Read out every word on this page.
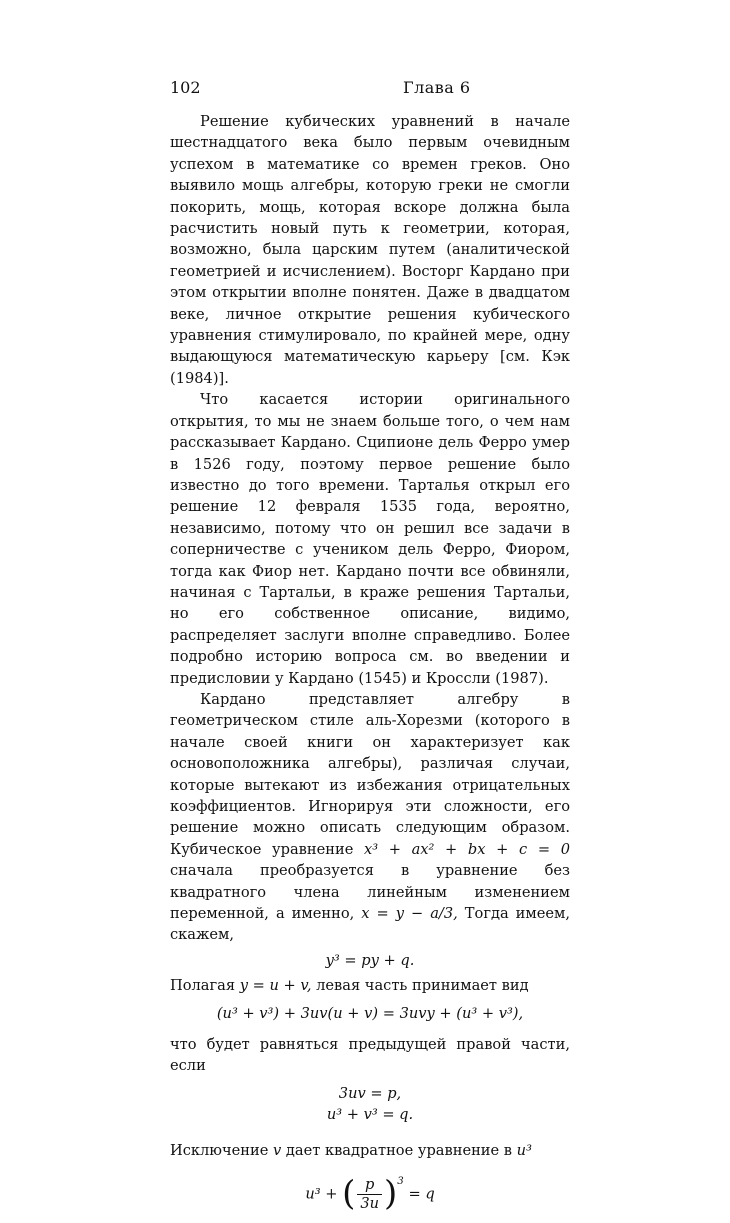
102	Глава 6

Решение кубических уравнений в начале шестнадцатого века было первым очевидным успехом в математике со времен греков. Оно выявило мощь алгебры, которую греки не смогли покорить, мощь, которая вскоре должна была расчистить новый путь к геометрии, которая, возможно, была царским путем (аналитической геометрией и исчислением). Восторг Кардано при этом открытии вполне понятен. Даже в двадцатом веке, личное открытие решения кубического уравнения стимулировало, по крайней мере, одну выдающуюся математическую карьеру [см. Кэк (1984)].

Что касается истории оригинального открытия, то мы не знаем больше того, о чем нам рассказывает Кардано. Сципионе дель Ферро умер в 1526 году, поэтому первое решение было известно до того времени. Тарталья открыл его решение 12 февраля 1535 года, вероятно, независимо, потому что он решил все задачи в соперничестве с учеником дель Ферро, Фиором, тогда как Фиор нет. Кардано почти все обвиняли, начиная с Тартальи, в краже решения Тартальи, но его собственное описание, видимо, распределяет заслуги вполне справедливо. Более подробно историю вопроса см. во введении и предисловии у Кардано (1545) и Кросcли (1987).

Кардано представляет алгебру в геометрическом стиле аль-Хорезми (которого в начале своей книги он характеризует как основоположника алгебры), различая случаи, которые вытекают из избежания отрицательных коэффициентов. Игнорируя эти сложности, его решение можно описать следующим образом. Кубическое уравнение x³ + ax² + bx + c = 0 сначала преобразуется в уравнение без квадратного члена линейным изменением переменной, а именно, x = y − a/3, Тогда имеем, скажем,

y³ = py + q.

Полагая y = u + v, левая часть принимает вид

(u³ + v³) + 3uv(u + v) = 3uvy + (u³ + v³),

что будет равняться предыдущей правой части, если

3uv = p,
u³ + v³ = q.

Исключение v дает квадратное уравнение в u³

u³ + ( $\frac{p}{3u} )^3 = q$
